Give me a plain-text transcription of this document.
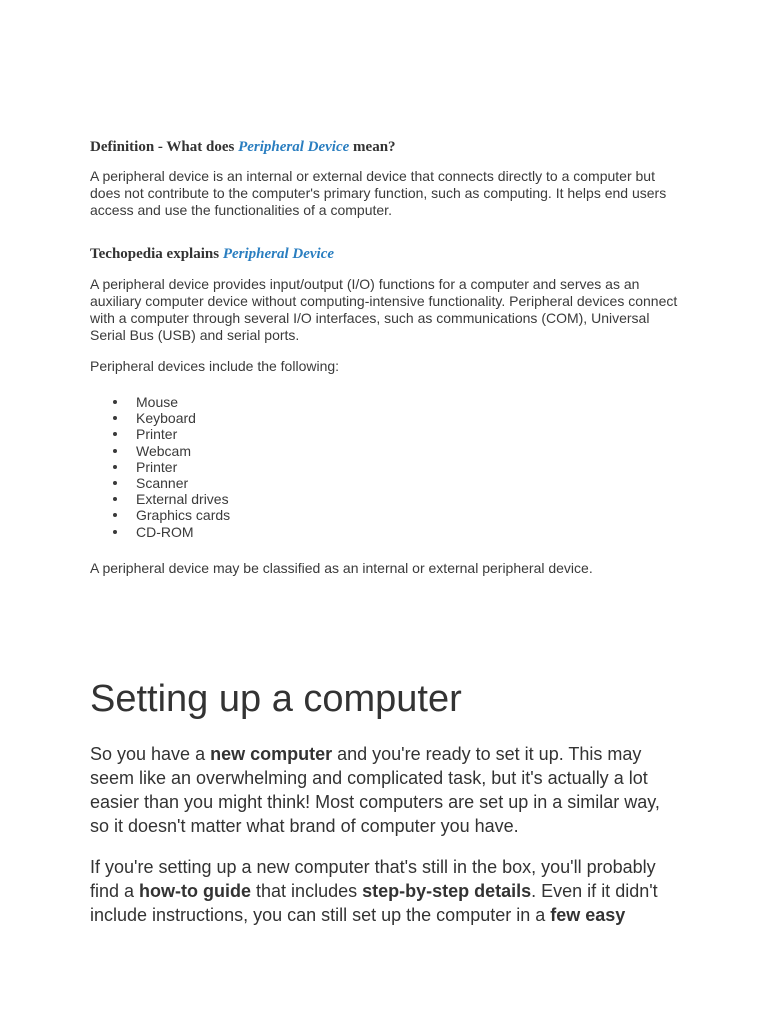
Definition - What does Peripheral Device mean?

A peripheral device is an internal or external device that connects directly to a computer but does not contribute to the computer's primary function, such as computing. It helps end users access and use the functionalities of a computer.

Techopedia explains Peripheral Device

A peripheral device provides input/output (I/O) functions for a computer and serves as an auxiliary computer device without computing-intensive functionality. Peripheral devices connect with a computer through several I/O interfaces, such as communications (COM), Universal Serial Bus (USB) and serial ports.

Peripheral devices include the following:

Mouse
Keyboard
Printer
Webcam
Printer
Scanner
External drives
Graphics cards
CD-ROM

A peripheral device may be classified as an internal or external peripheral device.

Setting up a computer

So you have a new computer and you're ready to set it up. This may seem like an overwhelming and complicated task, but it's actually a lot easier than you might think! Most computers are set up in a similar way, so it doesn't matter what brand of computer you have.

If you're setting up a new computer that's still in the box, you'll probably find a how-to guide that includes step-by-step details. Even if it didn't include instructions, you can still set up the computer in a few easy
